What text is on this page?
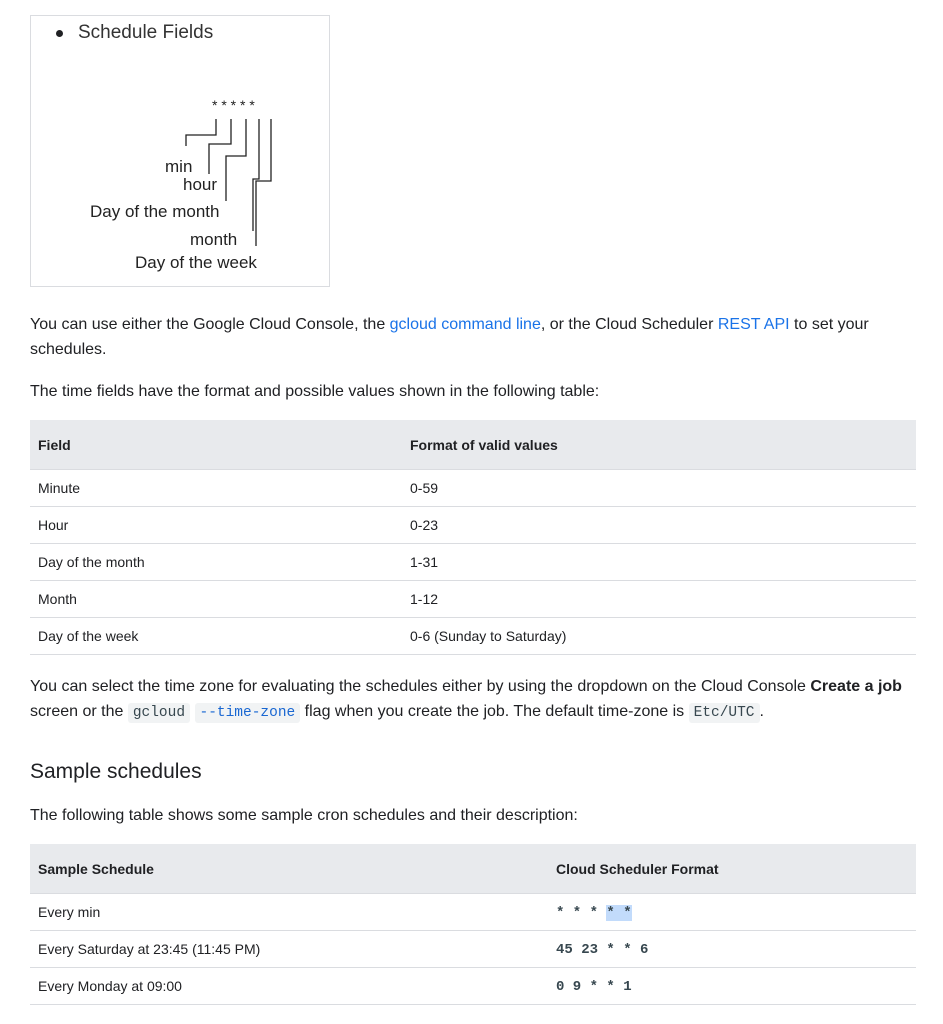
Schedule Fields
* * * * *
min
hour
Day of the month
month
Day of the week

You can use either the Google Cloud Console, the gcloud command line, or the Cloud Scheduler REST API to set your schedules.

The time fields have the format and possible values shown in the following table:

Field	Format of valid values
Minute	0-59
Hour	0-23
Day of the month	1-31
Month	1-12
Day of the week	0-6 (Sunday to Saturday)

You can select the time zone for evaluating the schedules either by using the dropdown on the Cloud Console Create a job screen or the gcloud --time-zone flag when you create the job. The default time-zone is Etc/UTC .

Sample schedules

The following table shows some sample cron schedules and their description:

Sample Schedule	Cloud Scheduler Format
Every min	* * * * *
Every Saturday at 23:45 (11:45 PM)	45 23 * * 6
Every Monday at 09:00	0 9 * * 1
